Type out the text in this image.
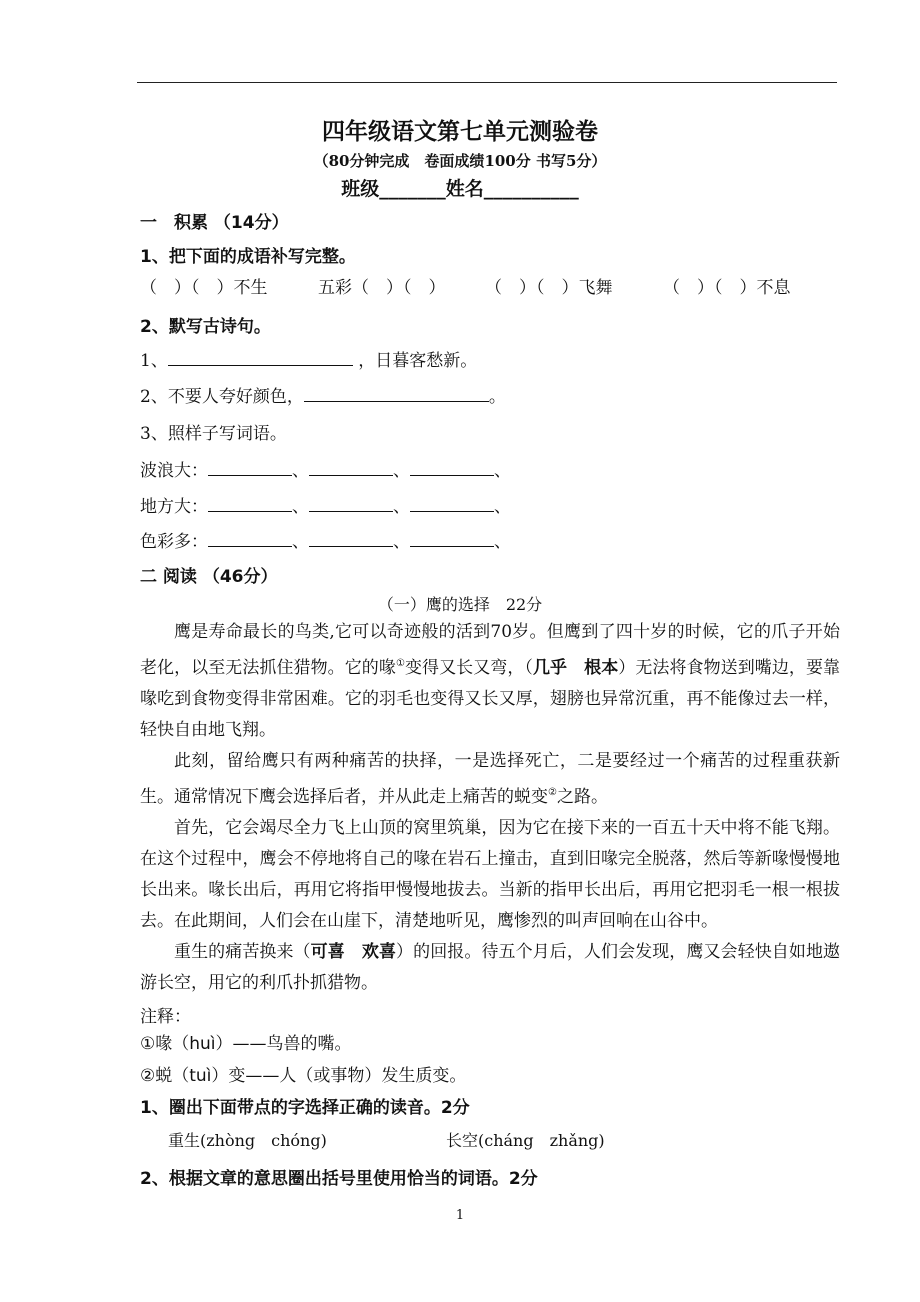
四年级语文第七单元测验卷
（80分钟完成　卷面成绩100分 书写5分）
班级_______姓名__________
一　积累 （14分）
1、把下面的成语补写完整。
（　）（　）不生	五彩（　）（　） （　）（　）飞舞	（　）（　）不息
2、默写古诗句。
1、	，日暮客愁新。
2、不要人夸好颜色，	。
3、照样子写词语。
波浪大：	、	、	、
地方大：	、	、	、
色彩多：	、	、	、
二 阅读 （46分）
（一）鹰的选择　22分

鹰是寿命最长的鸟类,它可以奇迹般的活到70岁。但鹰到了四十岁的时候，它的爪子开始老化，以至无法抓住猎物。它的喙①变得又长又弯，（几乎　根本）无法将食物送到嘴边，要靠喙吃到食物变得非常困难。它的羽毛也变得又长又厚，翅膀也异常沉重，再不能像过去一样，轻快自由地飞翔。

此刻，留给鹰只有两种痛苦的抉择，一是选择死亡，二是要经过一个痛苦的过程重获新生。通常情况下鹰会选择后者，并从此走上痛苦的蜕变②之路。

首先，它会竭尽全力飞上山顶的窝里筑巢，因为它在接下来的一百五十天中将不能飞翔。在这个过程中，鹰会不停地将自己的喙在岩石上撞击，直到旧喙完全脱落，然后等新喙慢慢地长出来。喙长出后，再用它将指甲慢慢地拔去。当新的指甲长出后，再用它把羽毛一根一根拔去。在此期间，人们会在山崖下，清楚地听见，鹰惨烈的叫声回响在山谷中。

重生的痛苦换来（可喜　欢喜）的回报。待五个月后，人们会发现，鹰又会轻快自如地遨游长空，用它的利爪扑抓猎物。

注释：
①喙（huì）——鸟兽的嘴。
②蜕（tuì）变——人（或事物）发生质变。
1、圈出下面带点的字选择正确的读音。2分
重生(zhòng　chóng)	长空(cháng　zhǎng)
2、根据文章的意思圈出括号里使用恰当的词语。2分
1
